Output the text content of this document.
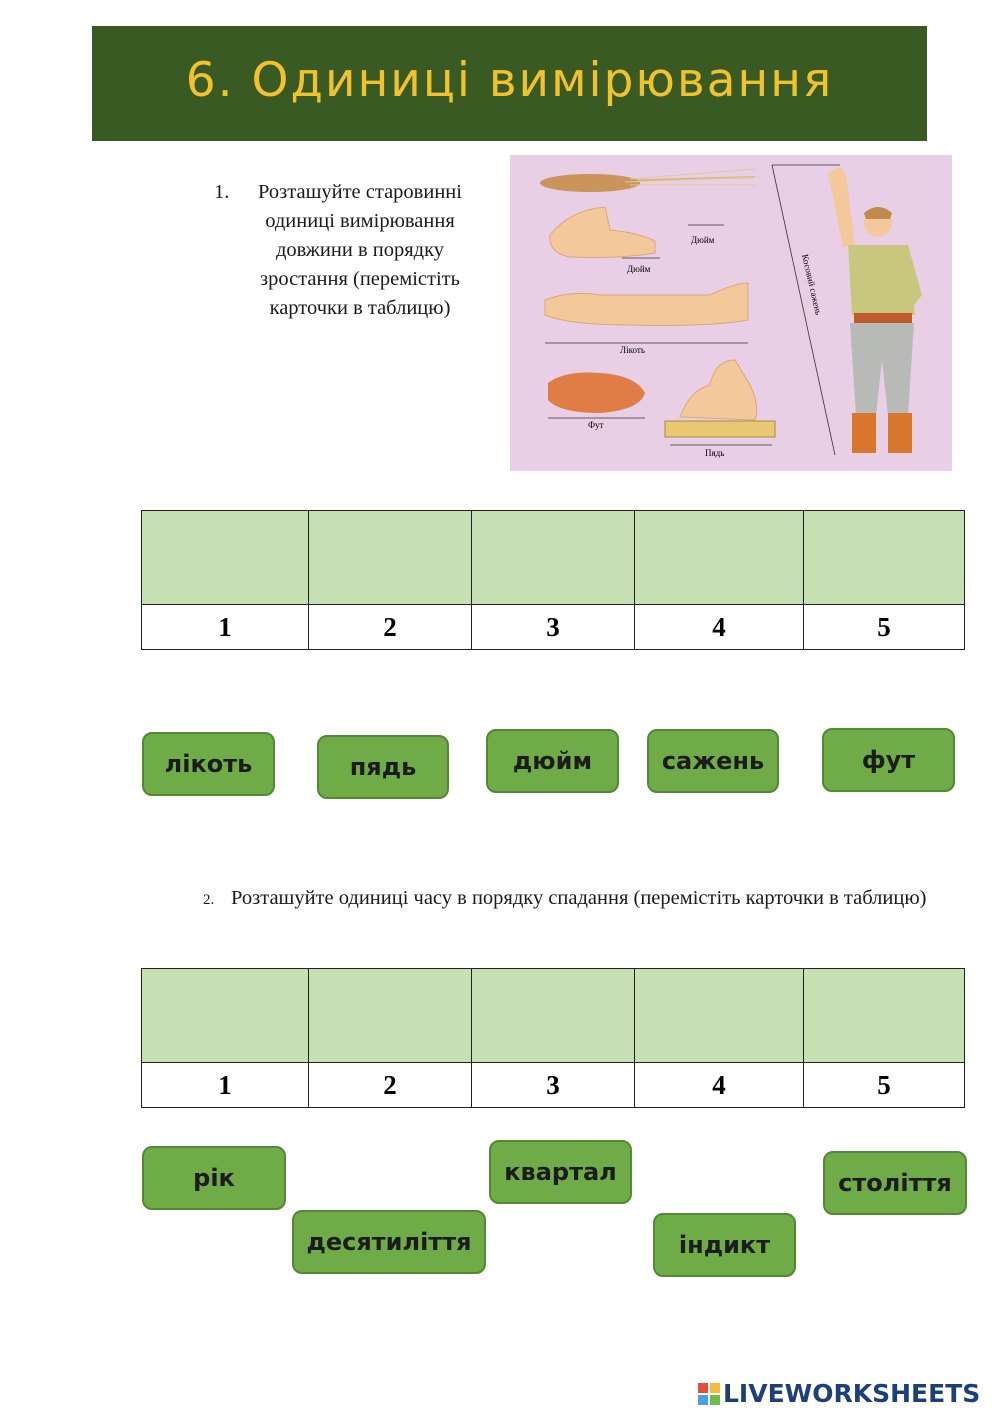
6. Одиниці вимірювання
1.	Розташуйте старовинні одиниці вимірювання довжини в порядку зростання (перемістіть карточки в таблицю)
Дюйм
Дюйм
Лікоть
Фут
Пядь
Косовий сажень

1	2	3	4	5
лікоть	пядь	дюйм	сажень	фут
2. Розташуйте одиниці часу в порядку спадання (перемістіть карточки в таблицю)

1	2	3	4	5
рік
десятиліття
квартал
індикт
століття
LIVEWORKSHEETS
